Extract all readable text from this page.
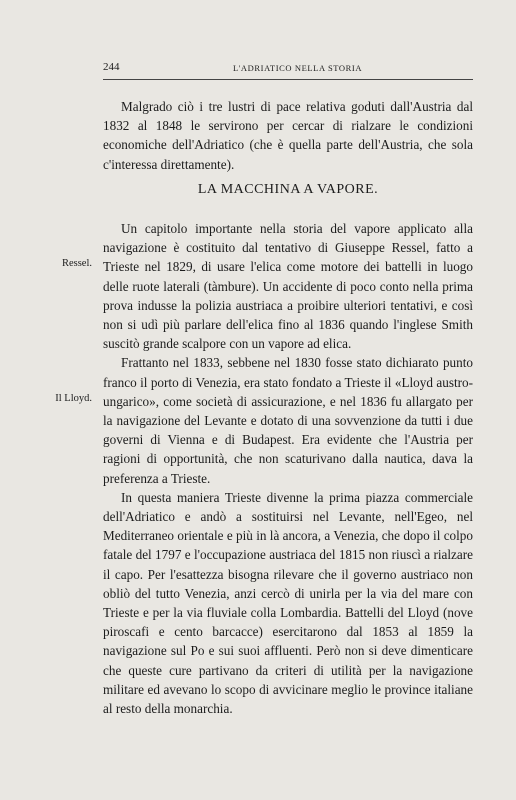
244	L'ADRIATICO NELLA STORIA

Malgrado ciò i tre lustri di pace relativa goduti dall'Austria dal 1832 al 1848 le servirono per cercar di rialzare le condizioni economiche dell'Adriatico (che è quella parte dell'Austria, che sola c'interessa direttamente).

LA MACCHINA A VAPORE.

Un capitolo importante nella storia del vapore applicato alla navigazione è costituito dal tentativo di Giuseppe Ressel, fatto a Trieste nel 1829, di usare l'elica come motore dei battelli in luogo delle ruote laterali (tàmbure). Un accidente di poco conto nella prima prova indusse la polizia austriaca a proibire ulteriori tentativi, e così non si udì più parlare dell'elica fino al 1836 quando l'inglese Smith suscitò grande scalpore con un vapore ad elica.

Frattanto nel 1833, sebbene nel 1830 fosse stato dichiarato punto franco il porto di Venezia, era stato fondato a Trieste il «Lloyd austro-ungarico», come società di assicurazione, e nel 1836 fu allargato per la navigazione del Levante e dotato di una sovvenzione da tutti i due governi di Vienna e di Budapest. Era evidente che l'Austria per ragioni di opportunità, che non scaturivano dalla nautica, dava la preferenza a Trieste.

In questa maniera Trieste divenne la prima piazza commerciale dell'Adriatico e andò a sostituirsi nel Levante, nell'Egeo, nel Mediterraneo orientale e più in là ancora, a Venezia, che dopo il colpo fatale del 1797 e l'occupazione austriaca del 1815 non riuscì a rialzare il capo. Per l'esattezza bisogna rilevare che il governo austriaco non obliò del tutto Venezia, anzi cercò di unirla per la via del mare con Trieste e per la via fluviale colla Lombardia. Battelli del Lloyd (nove piroscafi e cento barcacce) esercitarono dal 1853 al 1859 la navigazione sul Po e sui suoi affluenti. Però non si deve dimenticare che queste cure partivano da criteri di utilità per la navigazione militare ed avevano lo scopo di avvicinare meglio le province italiane al resto della monarchia.

Ressel.
Il Lloyd.
